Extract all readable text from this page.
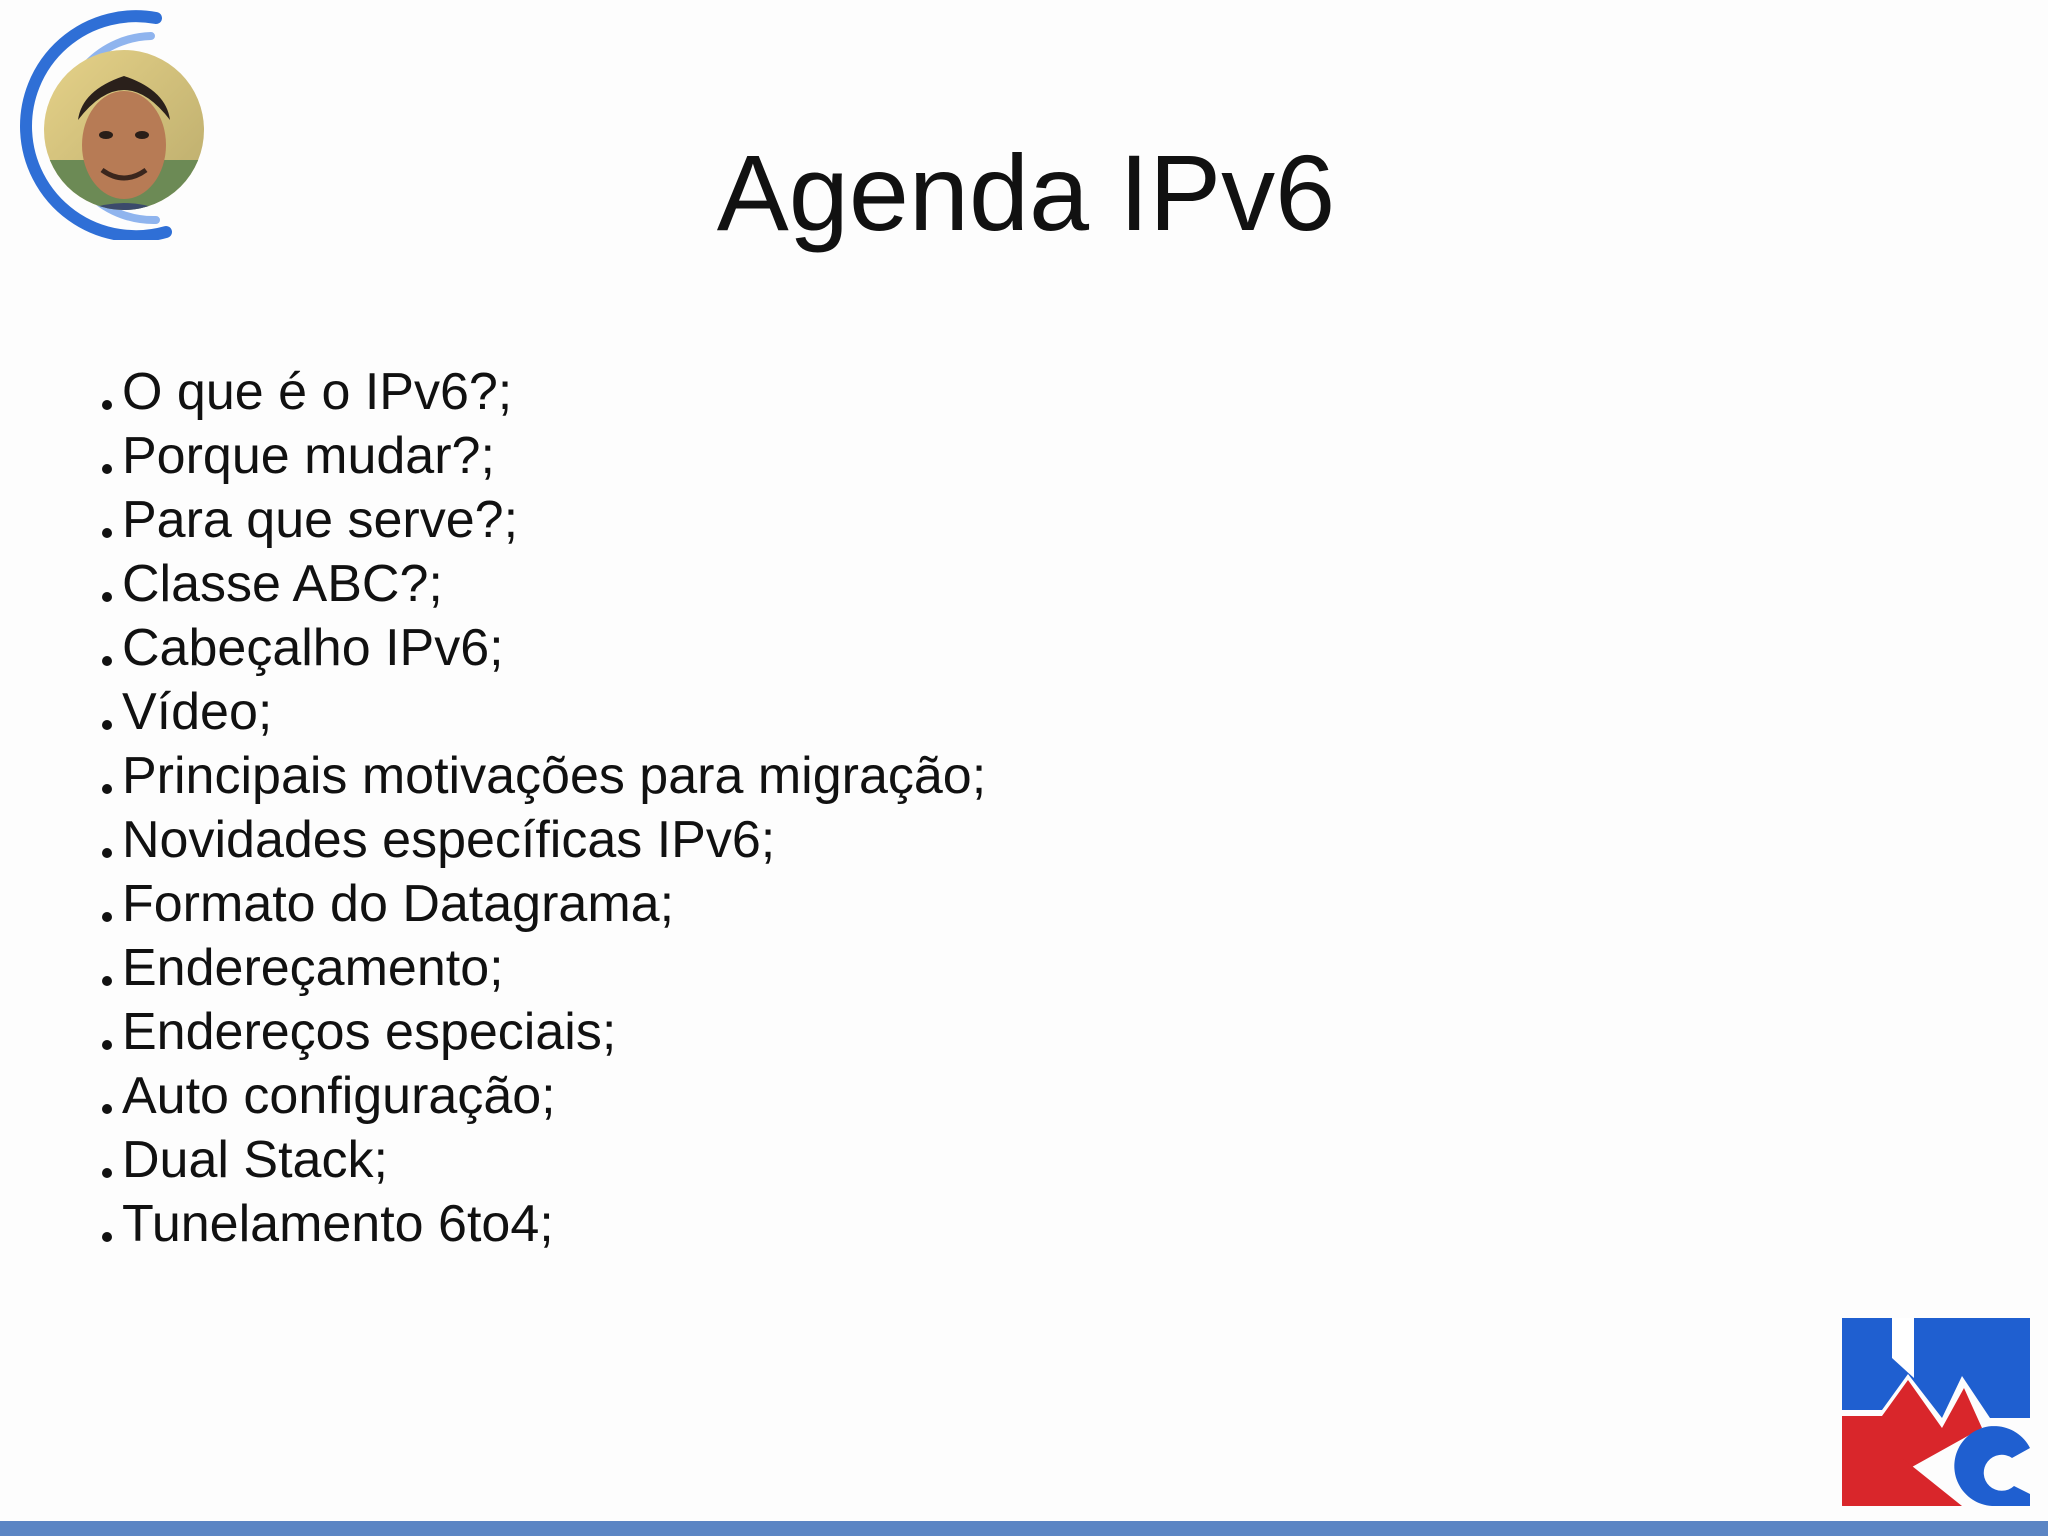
Agenda IPv6
O que é o IPv6?;
Porque mudar?;
Para que serve?;
Classe ABC?;
Cabeçalho IPv6;
Vídeo;
Principais motivações para migração;
Novidades específicas IPv6;
Formato do Datagrama;
Endereçamento;
Endereços especiais;
Auto configuração;
Dual Stack;
Tunelamento 6to4;
